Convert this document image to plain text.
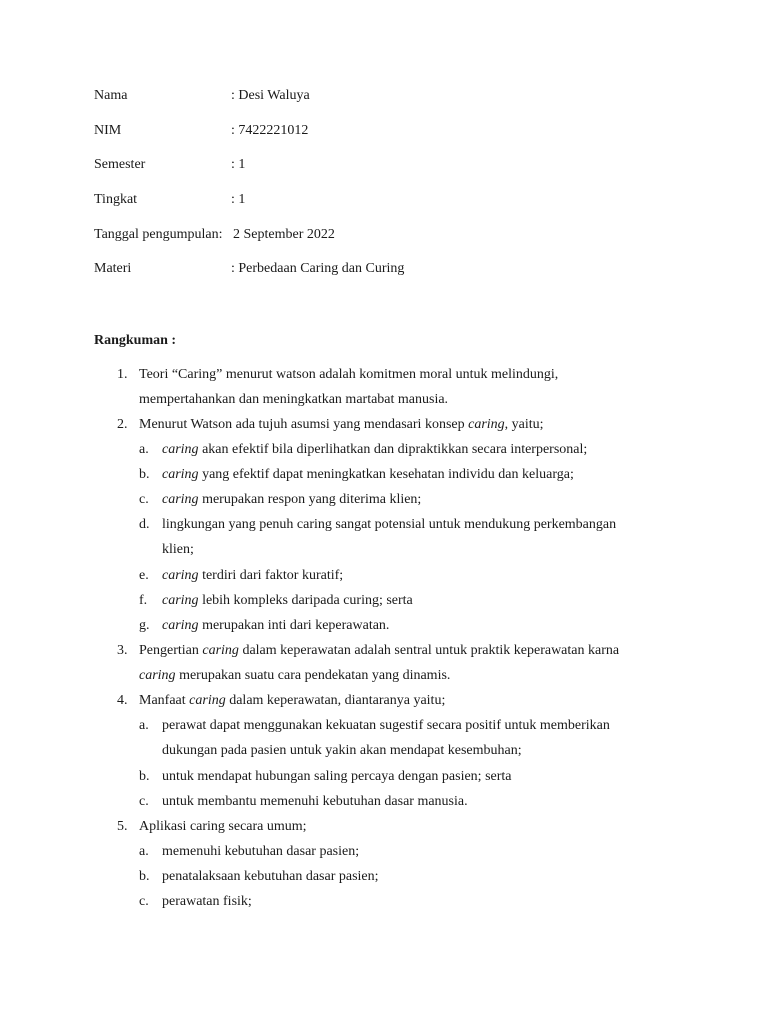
Nama	: Desi Waluya
NIM	: 7422221012
Semester	: 1
Tingkat	: 1
Tanggal pengumpulan: 2 September 2022
Materi	: Perbedaan Caring dan Curing
Rangkuman :
1. Teori “Caring” menurut watson adalah komitmen moral untuk melindungi,
mempertahankan dan meningkatkan martabat manusia.
2. Menurut Watson ada tujuh asumsi yang mendasari konsep caring, yaitu;
a. caring akan efektif bila diperlihatkan dan dipraktikkan secara interpersonal;
b. caring yang efektif dapat meningkatkan kesehatan individu dan keluarga;
c. caring merupakan respon yang diterima klien;
d. lingkungan yang penuh caring sangat potensial untuk mendukung perkembangan
klien;
e. caring terdiri dari faktor kuratif;
f. caring lebih kompleks daripada curing; serta
g. caring merupakan inti dari keperawatan.
3. Pengertian caring dalam keperawatan adalah sentral untuk praktik keperawatan karna
caring merupakan suatu cara pendekatan yang dinamis.
4. Manfaat caring dalam keperawatan, diantaranya yaitu;
a. perawat dapat menggunakan kekuatan sugestif secara positif untuk memberikan
dukungan pada pasien untuk yakin akan mendapat kesembuhan;
b. untuk mendapat hubungan saling percaya dengan pasien; serta
c. untuk membantu memenuhi kebutuhan dasar manusia.
5. Aplikasi caring secara umum;
a. memenuhi kebutuhan dasar pasien;
b. penatalaksaan kebutuhan dasar pasien;
c. perawatan fisik;
